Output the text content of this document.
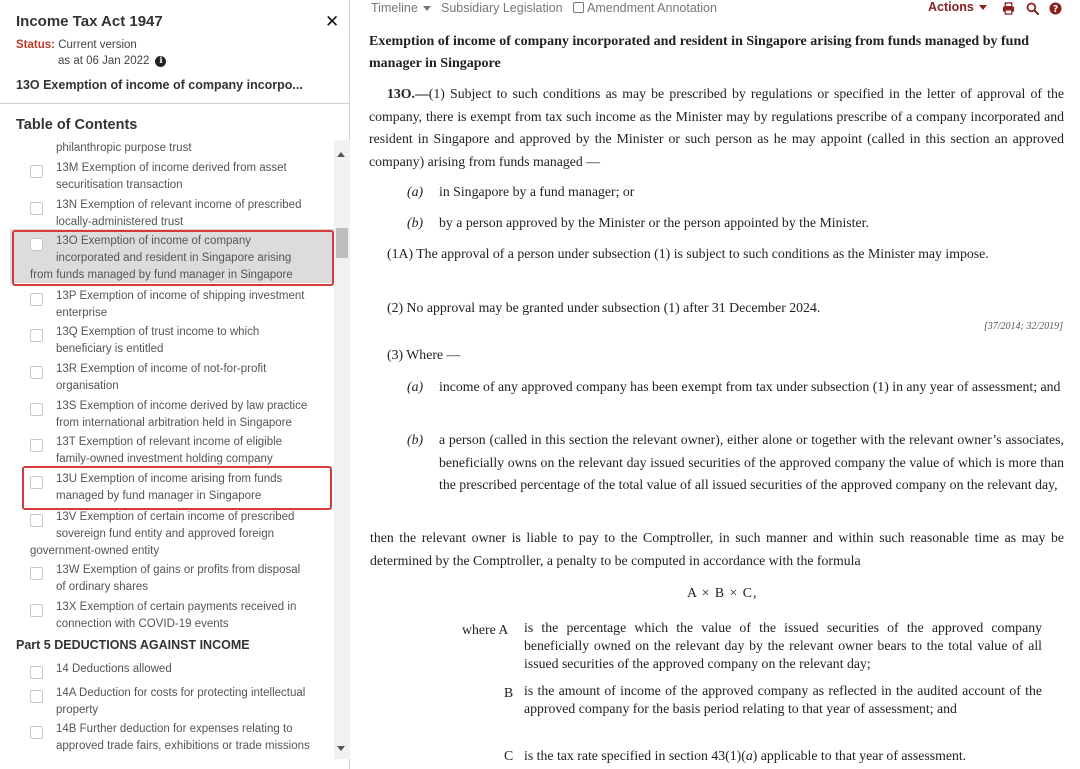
Income Tax Act 1947	✕
Status: Current version
as at 06 Jan 2022	i
13O Exemption of income of company incorpo...
Table of Contents
philanthropic purpose trust
13M Exemption of income derived from asset
securitisation transaction
13N Exemption of relevant income of prescribed
locally-administered trust
13O Exemption of income of company
incorporated and resident in Singapore arising
from funds managed by fund manager in Singapore
13P Exemption of income of shipping investment
enterprise
13Q Exemption of trust income to which
beneficiary is entitled
13R Exemption of income of not-for-profit
organisation
13S Exemption of income derived by law practice
from international arbitration held in Singapore
13T Exemption of relevant income of eligible
family-owned investment holding company
13U Exemption of income arising from funds
managed by fund manager in Singapore
13V Exemption of certain income of prescribed
sovereign fund entity and approved foreign
government-owned entity
13W Exemption of gains or profits from disposal
of ordinary shares
13X Exemption of certain payments received in
connection with COVID-19 events
Part 5 DEDUCTIONS AGAINST INCOME
14 Deductions allowed
14A Deduction for costs for protecting intellectual
property
14B Further deduction for expenses relating to
approved trade fairs, exhibitions or trade missions
Timeline	Subsidiary Legislation	Amendment Annotation	Actions	?
Exemption of income of company incorporated and resident in Singapore arising from funds managed by fund manager in Singapore
13O.—(1) Subject to such conditions as may be prescribed by regulations or specified in the letter of approval of the company, there is exempt from tax such income as the Minister may by regulations prescribe of a company incorporated and resident in Singapore and approved by the Minister or such person as he may appoint (called in this section an approved company) arising from funds managed —
(a) in Singapore by a fund manager; or
(b) by a person approved by the Minister or the person appointed by the Minister.
(1A) The approval of a person under subsection (1) is subject to such conditions as the Minister may impose.
(2) No approval may be granted under subsection (1) after 31 December 2024.
[37/2014; 32/2019]
(3) Where —
(a) income of any approved company has been exempt from tax under subsection (1) in any year of assessment; and
(b) a person (called in this section the relevant owner), either alone or together with the relevant owner’s associates, beneficially owns on the relevant day issued securities of the approved company the value of which is more than the prescribed percentage of the total value of all issued securities of the approved company on the relevant day,
then the relevant owner is liable to pay to the Comptroller, in such manner and within such reasonable time as may be determined by the Comptroller, a penalty to be computed in accordance with the formula
A × B × C,
where A is the percentage which the value of the issued securities of the approved company beneficially owned on the relevant day by the relevant owner bears to the total value of all issued securities of the approved company on the relevant day;
B is the amount of income of the approved company as reflected in the audited account of the approved company for the basis period relating to that year of assessment; and
C is the tax rate specified in section 43(1)(a) applicable to that year of assessment.
